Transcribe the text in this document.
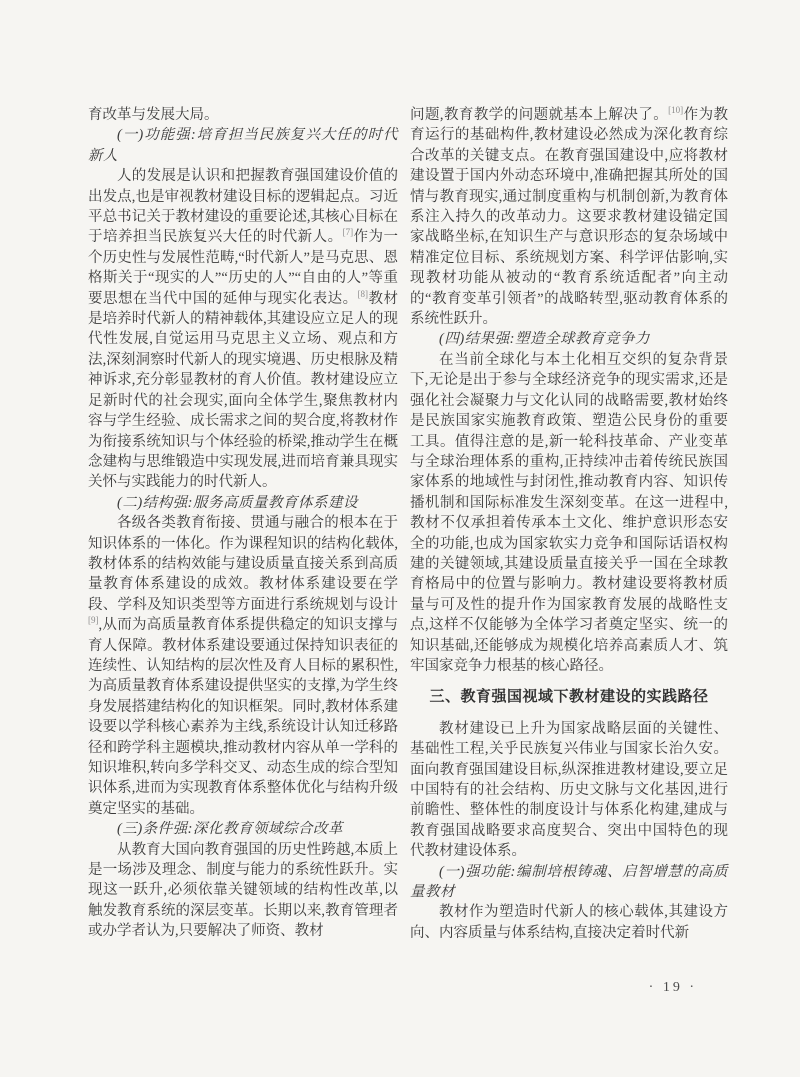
育改革与发展大局。

(一)功能强:培育担当民族复兴大任的时代新人

人的发展是认识和把握教育强国建设价值的出发点,也是审视教材建设目标的逻辑起点。习近平总书记关于教材建设的重要论述,其核心目标在于培养担当民族复兴大任的时代新人。[7]作为一个历史性与发展性范畴,“时代新人”是马克思、恩格斯关于“现实的人”“历史的人”“自由的人”等重要思想在当代中国的延伸与现实化表达。[8]教材是培养时代新人的精神载体,其建设应立足人的现代性发展,自觉运用马克思主义立场、观点和方法,深刻洞察时代新人的现实境遇、历史根脉及精神诉求,充分彰显教材的育人价值。教材建设应立足新时代的社会现实,面向全体学生,聚焦教材内容与学生经验、成长需求之间的契合度,将教材作为衔接系统知识与个体经验的桥梁,推动学生在概念建构与思维锻造中实现发展,进而培育兼具现实关怀与实践能力的时代新人。

(二)结构强:服务高质量教育体系建设

各级各类教育衔接、贯通与融合的根本在于知识体系的一体化。作为课程知识的结构化载体,教材体系的结构效能与建设质量直接关系到高质量教育体系建设的成效。教材体系建设要在学段、学科及知识类型等方面进行系统规划与设计[9],从而为高质量教育体系提供稳定的知识支撑与育人保障。教材体系建设要通过保持知识表征的连续性、认知结构的层次性及育人目标的累积性,为高质量教育体系建设提供坚实的支撑,为学生终身发展搭建结构化的知识框架。同时,教材体系建设要以学科核心素养为主线,系统设计认知迁移路径和跨学科主题模块,推动教材内容从单一学科的知识堆积,转向多学科交叉、动态生成的综合型知识体系,进而为实现教育体系整体优化与结构升级奠定坚实的基础。

(三)条件强:深化教育领域综合改革

从教育大国向教育强国的历史性跨越,本质上是一场涉及理念、制度与能力的系统性跃升。实现这一跃升,必须依靠关键领域的结构性改革,以触发教育系统的深层变革。长期以来,教育管理者或办学者认为,只要解决了师资、教材

问题,教育教学的问题就基本上解决了。[10]作为教育运行的基础构件,教材建设必然成为深化教育综合改革的关键支点。在教育强国建设中,应将教材建设置于国内外动态环境中,准确把握其所处的国情与教育现实,通过制度重构与机制创新,为教育体系注入持久的改革动力。这要求教材建设锚定国家战略坐标,在知识生产与意识形态的复杂场域中精准定位目标、系统规划方案、科学评估影响,实现教材功能从被动的“教育系统适配者”向主动的“教育变革引领者”的战略转型,驱动教育体系的系统性跃升。

(四)结果强:塑造全球教育竞争力

在当前全球化与本土化相互交织的复杂背景下,无论是出于参与全球经济竞争的现实需求,还是强化社会凝聚力与文化认同的战略需要,教材始终是民族国家实施教育政策、塑造公民身份的重要工具。值得注意的是,新一轮科技革命、产业变革与全球治理体系的重构,正持续冲击着传统民族国家体系的地域性与封闭性,推动教育内容、知识传播机制和国际标准发生深刻变革。在这一进程中,教材不仅承担着传承本土文化、维护意识形态安全的功能,也成为国家软实力竞争和国际话语权构建的关键领域,其建设质量直接关乎一国在全球教育格局中的位置与影响力。教材建设要将教材质量与可及性的提升作为国家教育发展的战略性支点,这样不仅能够为全体学习者奠定坚实、统一的知识基础,还能够成为规模化培养高素质人才、筑牢国家竞争力根基的核心路径。

三、教育强国视域下教材建设的实践路径

教材建设已上升为国家战略层面的关键性、基础性工程,关乎民族复兴伟业与国家长治久安。面向教育强国建设目标,纵深推进教材建设,要立足中国特有的社会结构、历史文脉与文化基因,进行前瞻性、整体性的制度设计与体系化构建,建成与教育强国战略要求高度契合、突出中国特色的现代教材建设体系。

(一)强功能:编制培根铸魂、启智增慧的高质量教材

教材作为塑造时代新人的核心载体,其建设方向、内容质量与体系结构,直接决定着时代新

· 19 ·
